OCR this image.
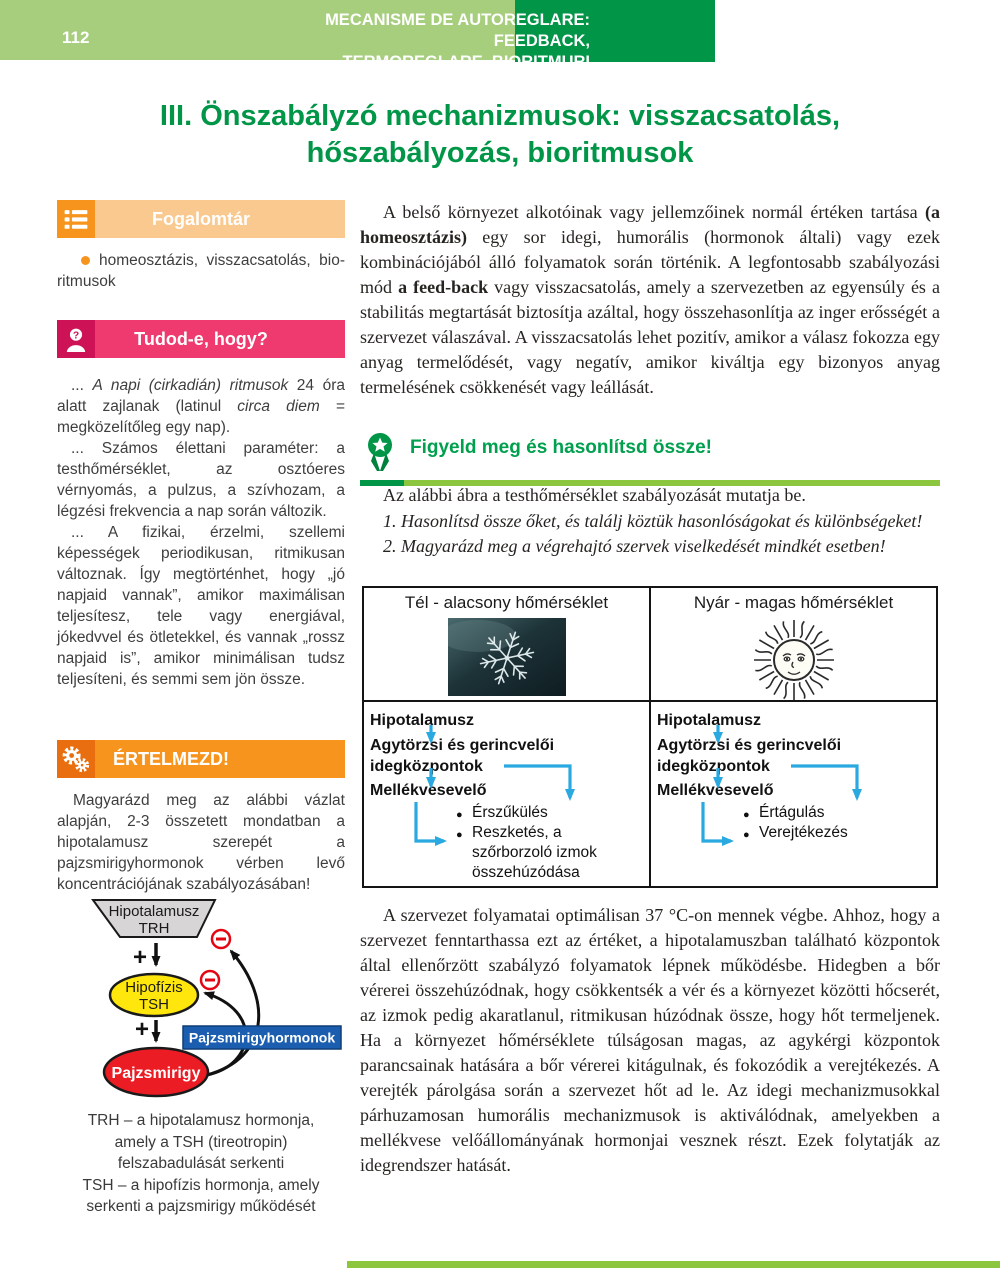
112
MECANISME DE AUTOREGLARE: FEEDBACK,
TERMOREGLARE, BIORITMURI
III. Önszabályzó mechanizmusok: visszacsatolás,
hőszabályozás, bioritmusok
Fogalomtár

homeosztázis, visszacsatolás, bioritmusok

?	Tudod-e, hogy?

... A napi (cirkadián) ritmusok 24 óra alatt zajlanak (latinul circa diem = megközelítőleg egy nap).

... Számos élettani paraméter: a testhőmérséklet, az osztóeres vérnyomás, a pulzus, a szívhozam, a légzési frekvencia a nap során változik.

... A fizikai, érzelmi, szellemi képességek periodikusan, ritmikusan változnak. Így megtörténhet, hogy „jó napjaid vannak”, amikor maximálisan teljesítesz, tele vagy energiával, jókedvvel és ötletekkel, és vannak „rossz napjaid is”, amikor minimálisan tudsz teljesíteni, és semmi sem jön össze.

ÉRTELMEZD!

Magyarázd meg az alábbi vázlat alapján, 2-3 összetett mondatban a hipotalamusz szerepét a pajzsmirigyhormonok vérben levő koncentrációjának szabályozásában!

Hipotalamusz
TRH
+
Hipofízis
TSH
+
Pajzsmirigy
Pajzsmirigyhormonok
TRH – a hipotalamusz hormonja,
amely a TSH (tireotropin)
felszabadulását serkenti
TSH – a hipofízis hormonja, amely
serkenti a pajzsmirigy működését

A belső környezet alkotóinak vagy jellemzőinek normál értéken tartása (a homeosztázis) egy sor idegi, humorális (hormonok általi) vagy ezek kombinációjából álló folyamatok során történik. A legfontosabb szabályozási mód a feed-back vagy visszacsatolás, amely a szervezetben az egyensúly és a stabilitás megtartását biztosítja azáltal, hogy összehasonlítja az inger erősségét a szervezet válaszával. A visszacsatolás lehet pozitív, amikor a válasz fokozza egy anyag termelődését, vagy negatív, amikor kiváltja egy bizonyos anyag termelésének csökkenését vagy leállását.

Figyeld meg és hasonlítsd össze!

Az alábbi ábra a testhőmérséklet szabályozását mutatja be.

1. Hasonlítsd össze őket, és találj köztük hasonlóságokat és különbségeket!

2. Magyarázd meg a végrehajtó szervek viselkedését mindkét esetben!

Tél - alacsony hőmérséklet	Nyár - magas hőmérséklet
Hipotalamusz
Agytörzsi és gerincvelői idegközpontok
Mellékvesevelő
● Érszűkülés
● Reszketés, a szőrborzoló izmok összehúzódása
Hipotalamusz
Agytörzsi és gerincvelői idegközpontok
Mellékvesevelő
● Értágulás
● Verejtékezés

A szervezet folyamatai optimálisan 37 °C-on mennek végbe. Ahhoz, hogy a szervezet fenntarthassa ezt az értéket, a hipotalamuszban található központok által ellenőrzött szabályzó folyamatok lépnek működésbe. Hidegben a bőr vérerei összehúzódnak, hogy csökkentsék a vér és a környezet közötti hőcserét, az izmok pedig akaratlanul, ritmikusan húzódnak össze, hogy hőt termeljenek. Ha a környezet hőmérséklete túlságosan magas, az agykérgi központok parancsainak hatására a bőr vérerei kitágulnak, és fokozódik a verejtékezés. A verejték párolgása során a szervezet hőt ad le. Az idegi mechanizmusokkal párhuzamosan humorális mechanizmusok is aktiválódnak, amelyekben a mellékvese velőállományának hormonjai vesznek részt. Ezek folytatják az idegrendszer hatását.
